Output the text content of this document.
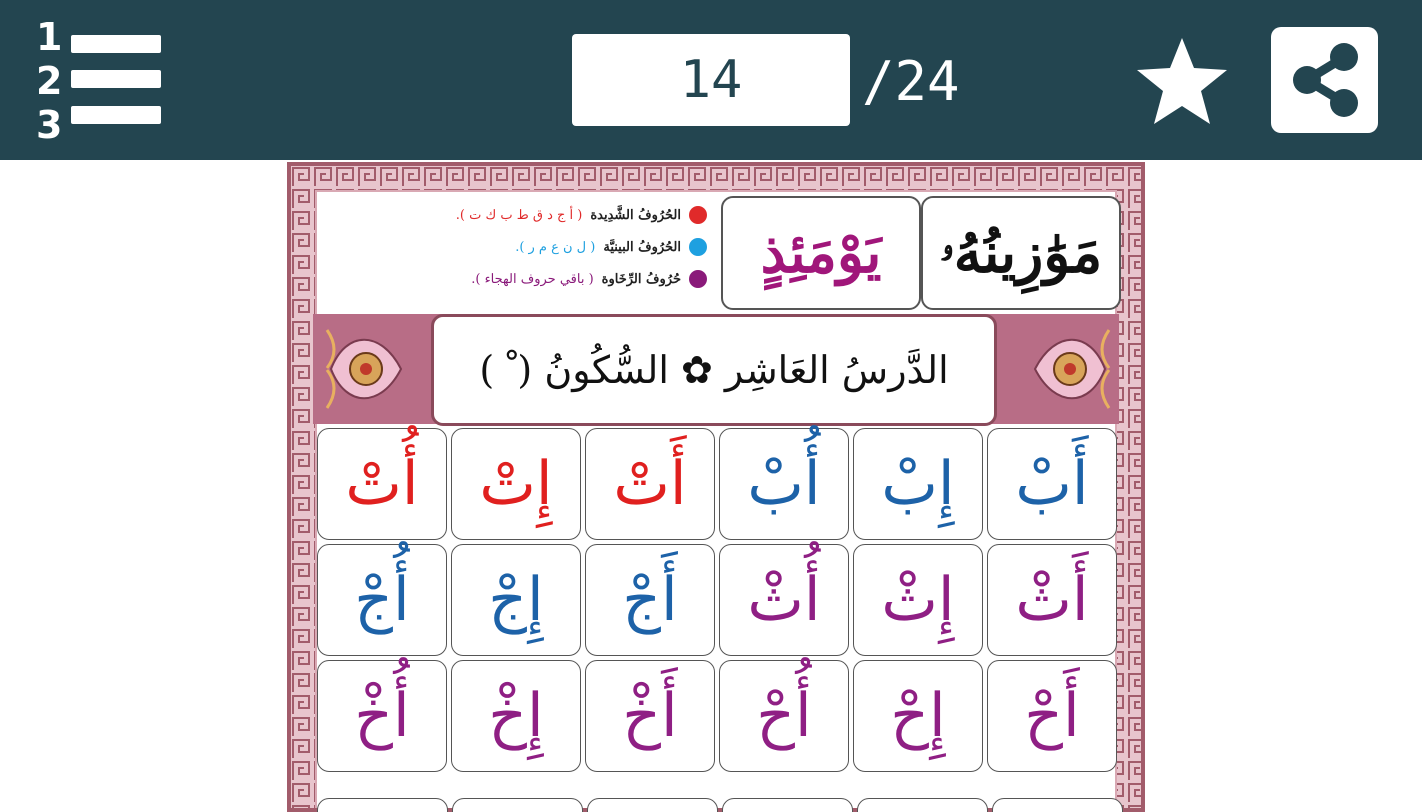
1
2
3
14 /24
الحُرُوفُ الشَّدِيدة
( أ ج د ق ط ب ك ت ).
الحُرُوفُ البينيَّة
( ل ن ع م ر ).
حُرُوفُ الرِّخَاوة
( باقي حروف الهجاء ).	مَوَٰزِينُهُۥ
يَوْمَئِذٍ
الدَّرسُ العَاشِر ✿ السُّكُونُ ( ْ )
أُتْ	إِتْ	أَتْ	أُبْ	إِبْ	أَبْ
أُجْ	إِجْ	أَجْ	أُثْ	إِثْ	أَثْ
أُخْ	إِخْ	أَخْ	أُحْ	إِحْ	أَحْ
